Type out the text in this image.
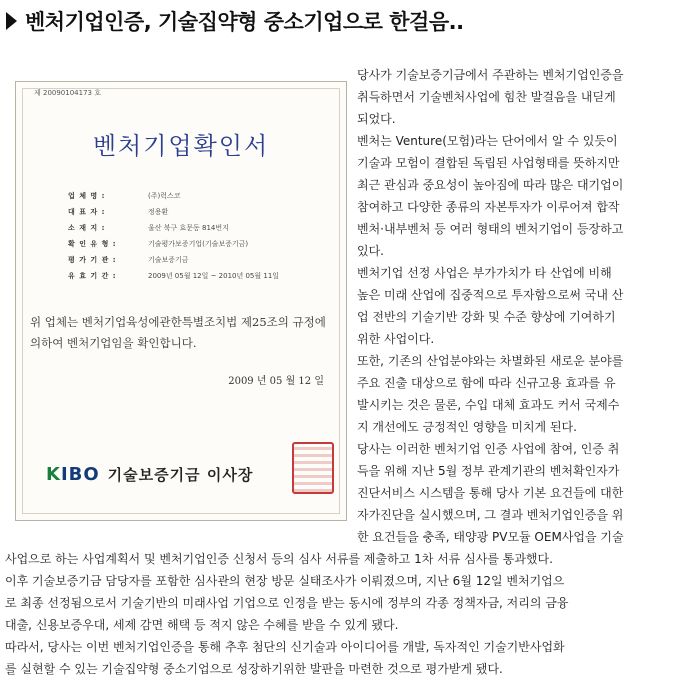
벤처기업인증, 기술집약형 중소기업으로 한걸음..
제 20090104173 호
벤처기업확인서
업 체 명 :	(주)럭스코
대 표 자 :	정용환
소 재 지 :	울산 북구 효문동 814번지
확 인 유 형 :	기술평가보증기업(기술보증기금)
평 가 기 관 :	기술보증기금
유 효 기 간 :	2009년 05월 12일 ~ 2010년 05월 11일
위 업체는 벤처기업육성에관한특별조치법 제25조의 규정에 의하여 벤처기업임을 확인합니다.
2009 년 05 월 12 일
KIBO 기술보증기금 이사장
당사가 기술보증기금에서 주관하는 벤처기업인증을
취득하면서 기술벤처사업에 힘찬 발걸음을 내딛게
되었다.
벤처는 Venture(모험)라는 단어에서 알 수 있듯이
기술과 모험이 결합된 독립된 사업형태를 뜻하지만
최근 관심과 중요성이 높아짐에 따라 많은 대기업이
참여하고 다양한 종류의 자본투자가 이루어져 합작
벤처·내부벤처 등 여러 형태의 벤처기업이 등장하고
있다.
벤처기업 선정 사업은 부가가치가 타 산업에 비해
높은 미래 산업에 집중적으로 투자함으로써 국내 산
업 전반의 기술기반 강화 및 수준 향상에 기여하기
위한 사업이다.
또한, 기존의 산업분야와는 차별화된 새로운 분야를
주요 진출 대상으로 함에 따라 신규고용 효과를 유
발시키는 것은 물론, 수입 대체 효과도 커서 국제수
지 개선에도 긍정적인 영향을 미치게 된다.
당사는 이러한 벤처기업 인증 사업에 참여, 인증 취
득을 위해 지난 5월 정부 관계기관의 벤처확인자가
진단서비스 시스템을 통해 당사 기본 요건들에 대한
자가진단을 실시했으며, 그 결과 벤처기업인증을 위
한 요건들을 충족, 태양광 PV모듈 OEM사업을 기술
사업으로 하는 사업계획서 및 벤처기업인증 신청서 등의 심사 서류를 제출하고 1차 서류 심사를 통과했다.
이후 기술보증기금 담당자를 포함한 심사관의 현장 방문 실태조사가 이뤄졌으며, 지난 6월 12일 벤처기업으
로 최종 선정됨으로서 기술기반의 미래사업 기업으로 인정을 받는 동시에 정부의 각종 정책자금, 저리의 금융
대출, 신용보증우대, 세제 감면 해택 등 적지 않은 수혜를 받을 수 있게 됐다.
따라서, 당사는 이번 벤처기업인증을 통해 추후 첨단의 신기술과 아이디어를 개발, 독자적인 기술기반사업화
를 실현할 수 있는 기술집약형 중소기업으로 성장하기위한 발판을 마련한 것으로 평가받게 됐다.
